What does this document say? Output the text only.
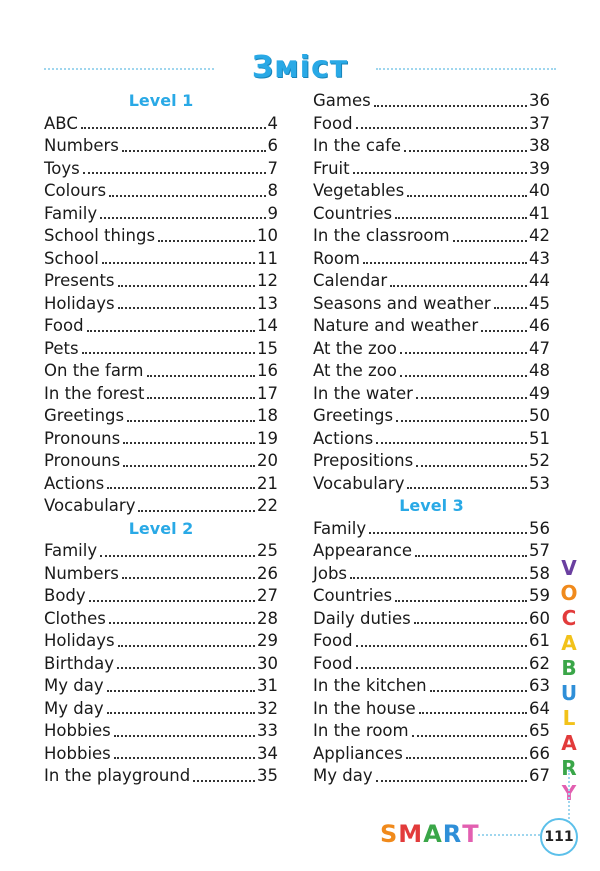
Зміст
Level 1
ABC	4
Numbers	6
Toys	7
Colours	8
Family	9
School things	10
School	11
Presents	12
Holidays	13
Food	14
Pets	15
On the farm	16
In the forest	17
Greetings	18
Pronouns	19
Pronouns	20
Actions	21
Vocabulary	22
Level 2
Family	25
Numbers	26
Body	27
Clothes	28
Holidays	29
Birthday	30
My day	31
My day	32
Hobbies	33
Hobbies	34
In the playground	35
Games	36
Food	37
In the cafe	38
Fruit	39
Vegetables	40
Countries	41
In the classroom	42
Room	43
Calendar	44
Seasons and weather 45
Nature and weather	46
At the zoo	47
At the zoo	48
In the water	49
Greetings	50
Actions	51
Prepositions	52
Vocabulary	53
Level 3
Family	56
Appearance	57
Jobs	58
Countries	59
Daily duties	60
Food	61
Food	62
In the kitchen	63
In the house	64
In the room	65
Appliances	66
My day	67
V
O
C
A
B
U
L
A
R
Y
SMART	111
